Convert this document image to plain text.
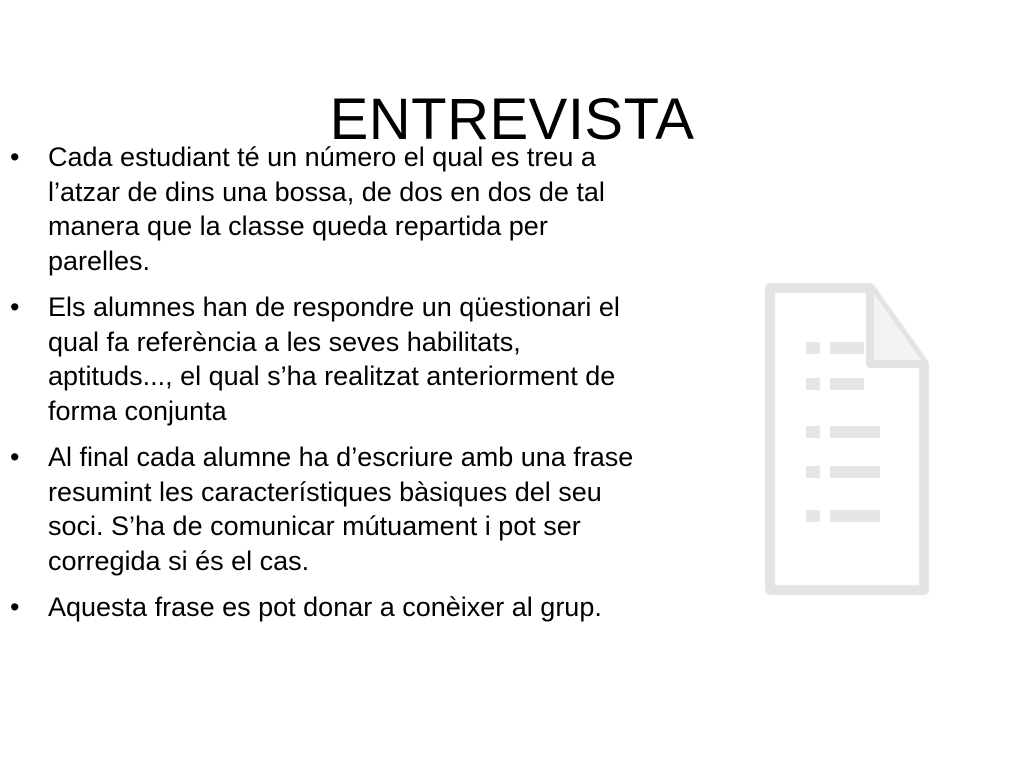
ENTREVISTA
• Cada estudiant té un número el qual es treu a l’atzar de dins una bossa, de dos en dos de tal manera que la classe queda repartida per parelles.
• Els alumnes han de respondre un qüestionari el qual fa referència a les seves habilitats, aptituds..., el qual s’ha realitzat anteriorment de forma conjunta
• Al final cada alumne ha d’escriure amb una frase resumint les característiques bàsiques del seu soci. S’ha de comunicar mútuament i pot ser corregida si és el cas.
• Aquesta frase es pot donar a conèixer al grup.
